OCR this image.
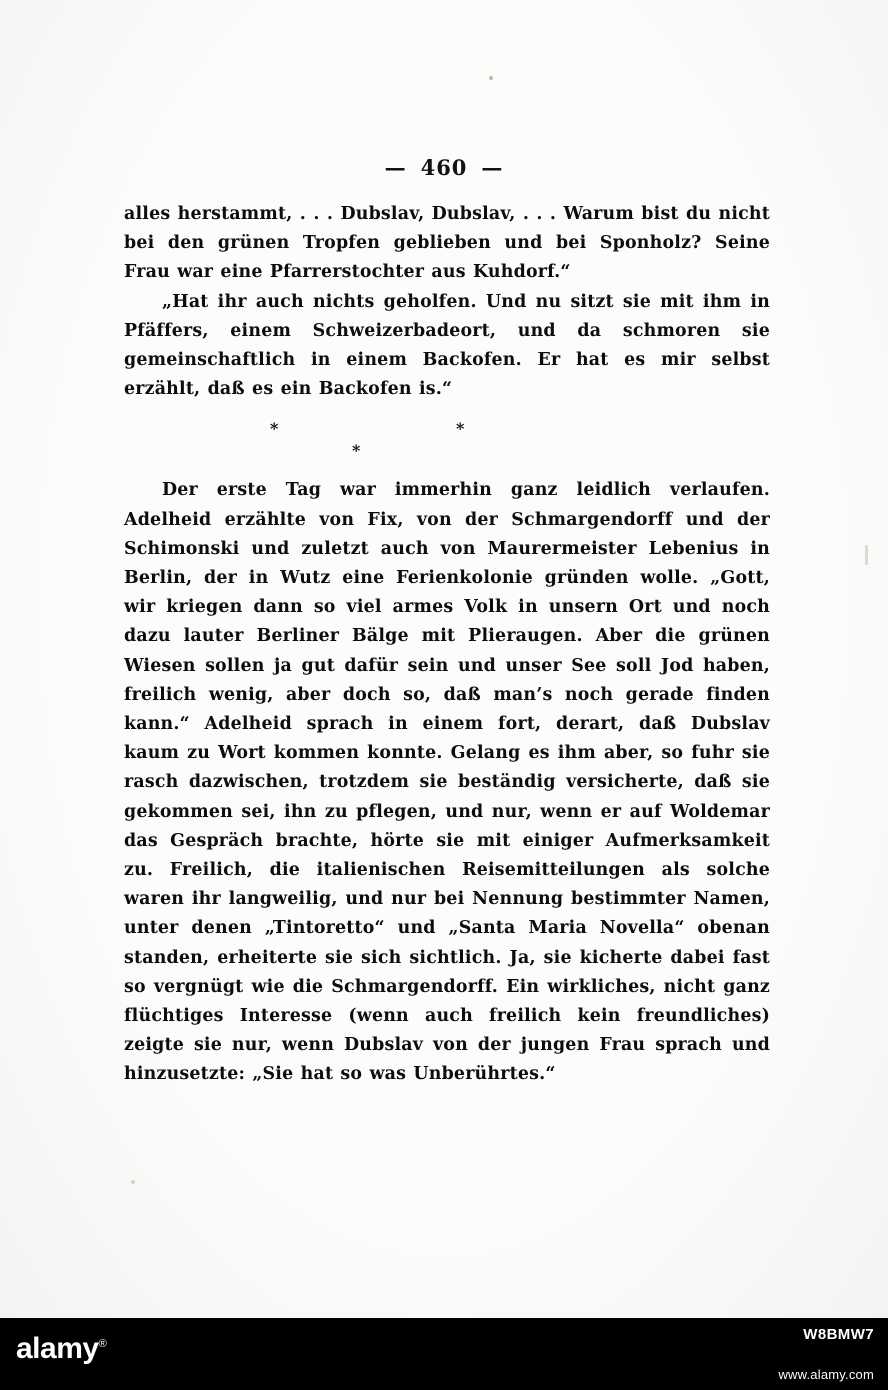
— 460 —

alles herstammt, . . . Dubslav, Dubslav, . . . Warum bist du nicht bei den grünen Tropfen geblieben und bei Sponholz? Seine Frau war eine Pfarrerstochter aus Kuhdorf.“

„Hat ihr auch nichts geholfen. Und nu sitzt sie mit ihm in Pfäffers, einem Schweizerbadeort, und da schmoren sie gemeinschaftlich in einem Backofen. Er hat es mir selbst erzählt, daß es ein Backofen is.“

*
*
*

Der erste Tag war immerhin ganz leidlich verlaufen. Adelheid erzählte von Fix, von der Schmargendorff und der Schimonski und zuletzt auch von Maurermeister Lebenius in Berlin, der in Wutz eine Ferienkolonie gründen wolle. „Gott, wir kriegen dann so viel armes Volk in unsern Ort und noch dazu lauter Berliner Bälge mit Plieraugen. Aber die grünen Wiesen sollen ja gut dafür sein und unser See soll Jod haben, freilich wenig, aber doch so, daß man’s noch gerade finden kann.“ Adelheid sprach in einem fort, derart, daß Dubslav kaum zu Wort kommen konnte. Gelang es ihm aber, so fuhr sie rasch dazwischen, trotzdem sie beständig versicherte, daß sie gekommen sei, ihn zu pflegen, und nur, wenn er auf Woldemar das Gespräch brachte, hörte sie mit einiger Aufmerksamkeit zu. Freilich, die italienischen Reisemitteilungen als solche waren ihr langweilig, und nur bei Nennung bestimmter Namen, unter denen „Tintoretto“ und „Santa Maria Novella“ obenan standen, erheiterte sie sich sichtlich. Ja, sie kicherte dabei fast so vergnügt wie die Schmargendorff. Ein wirkliches, nicht ganz flüchtiges Interesse (wenn auch freilich kein freundliches) zeigte sie nur, wenn Dubslav von der jungen Frau sprach und hinzusetzte: „Sie hat so was Unberührtes.“

alamy®
W8BMW7
www.alamy.com
